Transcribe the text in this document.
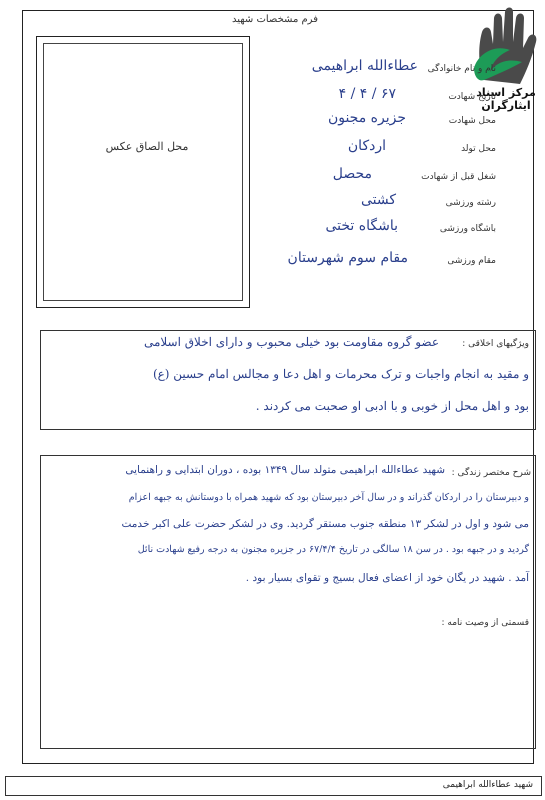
فرم مشخصات شهید
مرکز اسناد ایثارگران
محل الصاق عکس
نام و نام خانوادگی
عطاءالله ابراهیمی
تاریخ شهادت
۶۷ / ۴ / ۴
محل شهادت
جزیره مجنون
محل تولد
اردکان
شغل قبل از شهادت
محصل
رشته ورزشی
کشتی
باشگاه ورزشی
باشگاه تختی
مقام ورزشی
مقام سوم شهرستان
ویژگیهای اخلاقی :
عضو گروه مقاومت بود خیلی محبوب و دارای اخلاق اسلامی
و مقید به انجام واجبات و ترک محرمات و اهل دعا و مجالس امام حسین (ع)
بود و اهل محل از خوبی و با ادبی او صحبت می کردند .
شرح مختصر زندگی :
شهید عطاءالله ابراهیمی متولد سال ۱۳۴۹ بوده ، دوران ابتدایی و راهنمایی
و دبیرستان را در اردکان گذراند و در سال آخر دبیرستان بود که شهید همراه با دوستانش به جبهه اعزام
می شود و اول در لشکر ۱۳ منطقه جنوب مستقر گردید. وی در لشکر حضرت علی اکبر خدمت
گردید و در جبهه بود . در سن ۱۸ سالگی در تاریخ ۶۷/۴/۴ در جزیره مجنون به درجه رفیع شهادت نائل
آمد . شهید در یگان خود از اعضای فعال بسیج و تقوای بسیار بود .
قسمتی از وصیت نامه :
شهید عطاءالله ابراهیمی
